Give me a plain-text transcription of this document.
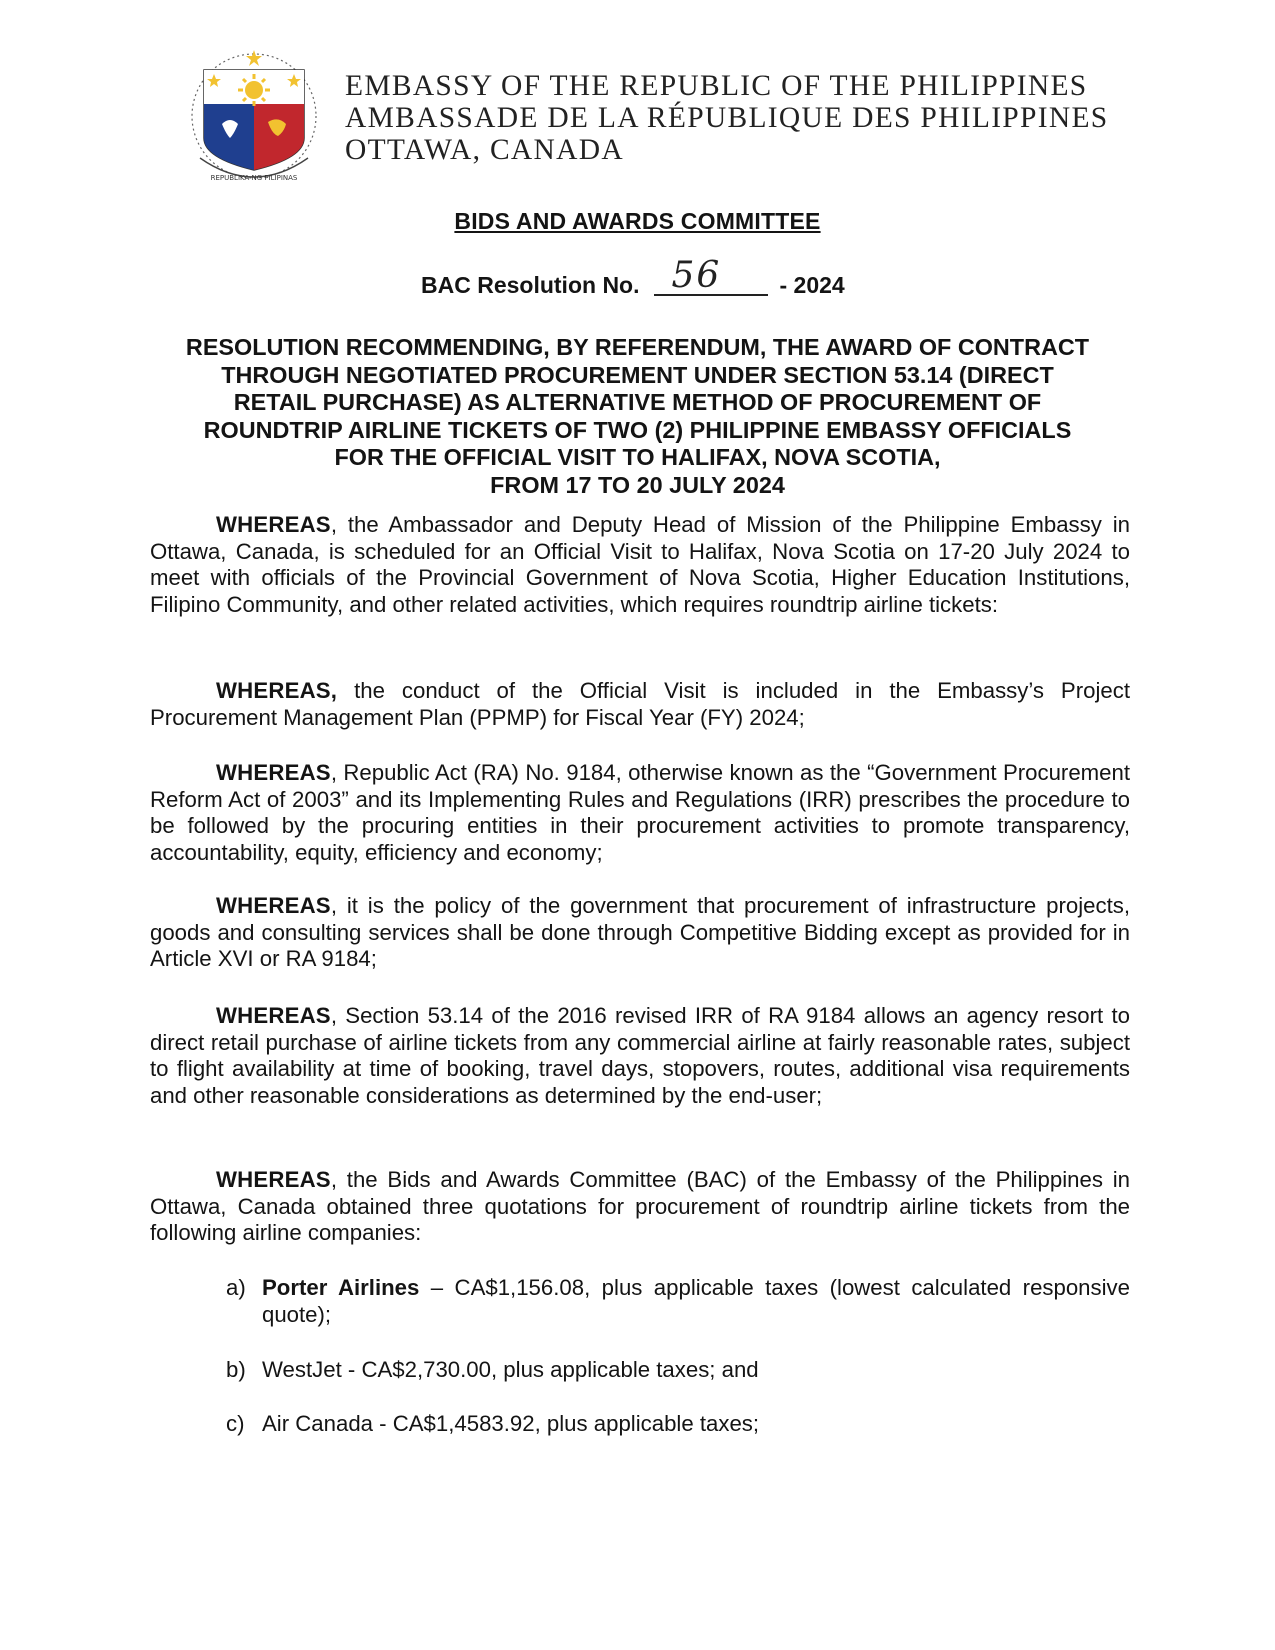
REPUBLIKA NG PILIPINAS
EMBASSY OF THE REPUBLIC OF THE PHILIPPINES
AMBASSADE DE LA RÉPUBLIQUE DES PHILIPPINES
OTTAWA, CANADA
BIDS AND AWARDS COMMITTEE
BAC Resolution No. 56	- 2024
RESOLUTION RECOMMENDING, BY REFERENDUM, THE AWARD OF CONTRACT
THROUGH NEGOTIATED PROCUREMENT UNDER SECTION 53.14 (DIRECT
RETAIL PURCHASE) AS ALTERNATIVE METHOD OF PROCUREMENT OF
ROUNDTRIP AIRLINE TICKETS OF TWO (2) PHILIPPINE EMBASSY OFFICIALS
FOR THE OFFICIAL VISIT TO HALIFAX, NOVA SCOTIA,
FROM 17 TO 20 JULY 2024
WHEREAS, the Ambassador and Deputy Head of Mission of the Philippine Embassy in Ottawa, Canada, is scheduled for an Official Visit to Halifax, Nova Scotia on 17-20 July 2024 to meet with officials of the Provincial Government of Nova Scotia, Higher Education Institutions, Filipino Community, and other related activities, which requires roundtrip airline tickets:
WHEREAS, the conduct of the Official Visit is included in the Embassy’s Project Procurement Management Plan (PPMP) for Fiscal Year (FY) 2024;
WHEREAS, Republic Act (RA) No. 9184, otherwise known as the “Government Procurement Reform Act of 2003” and its Implementing Rules and Regulations (IRR) prescribes the procedure to be followed by the procuring entities in their procurement activities to promote transparency, accountability, equity, efficiency and economy;
WHEREAS, it is the policy of the government that procurement of infrastructure projects, goods and consulting services shall be done through Competitive Bidding except as provided for in Article XVI or RA 9184;
WHEREAS, Section 53.14 of the 2016 revised IRR of RA 9184 allows an agency resort to direct retail purchase of airline tickets from any commercial airline at fairly reasonable rates, subject to flight availability at time of booking, travel days, stopovers, routes, additional visa requirements and other reasonable considerations as determined by the end-user;
WHEREAS, the Bids and Awards Committee (BAC) of the Embassy of the Philippines in Ottawa, Canada obtained three quotations for procurement of roundtrip airline tickets from the following airline companies:
a) Porter Airlines – CA$1,156.08, plus applicable taxes (lowest calculated responsive quote);
b) WestJet - CA$2,730.00, plus applicable taxes; and
c) Air Canada - CA$1,4583.92, plus applicable taxes;
